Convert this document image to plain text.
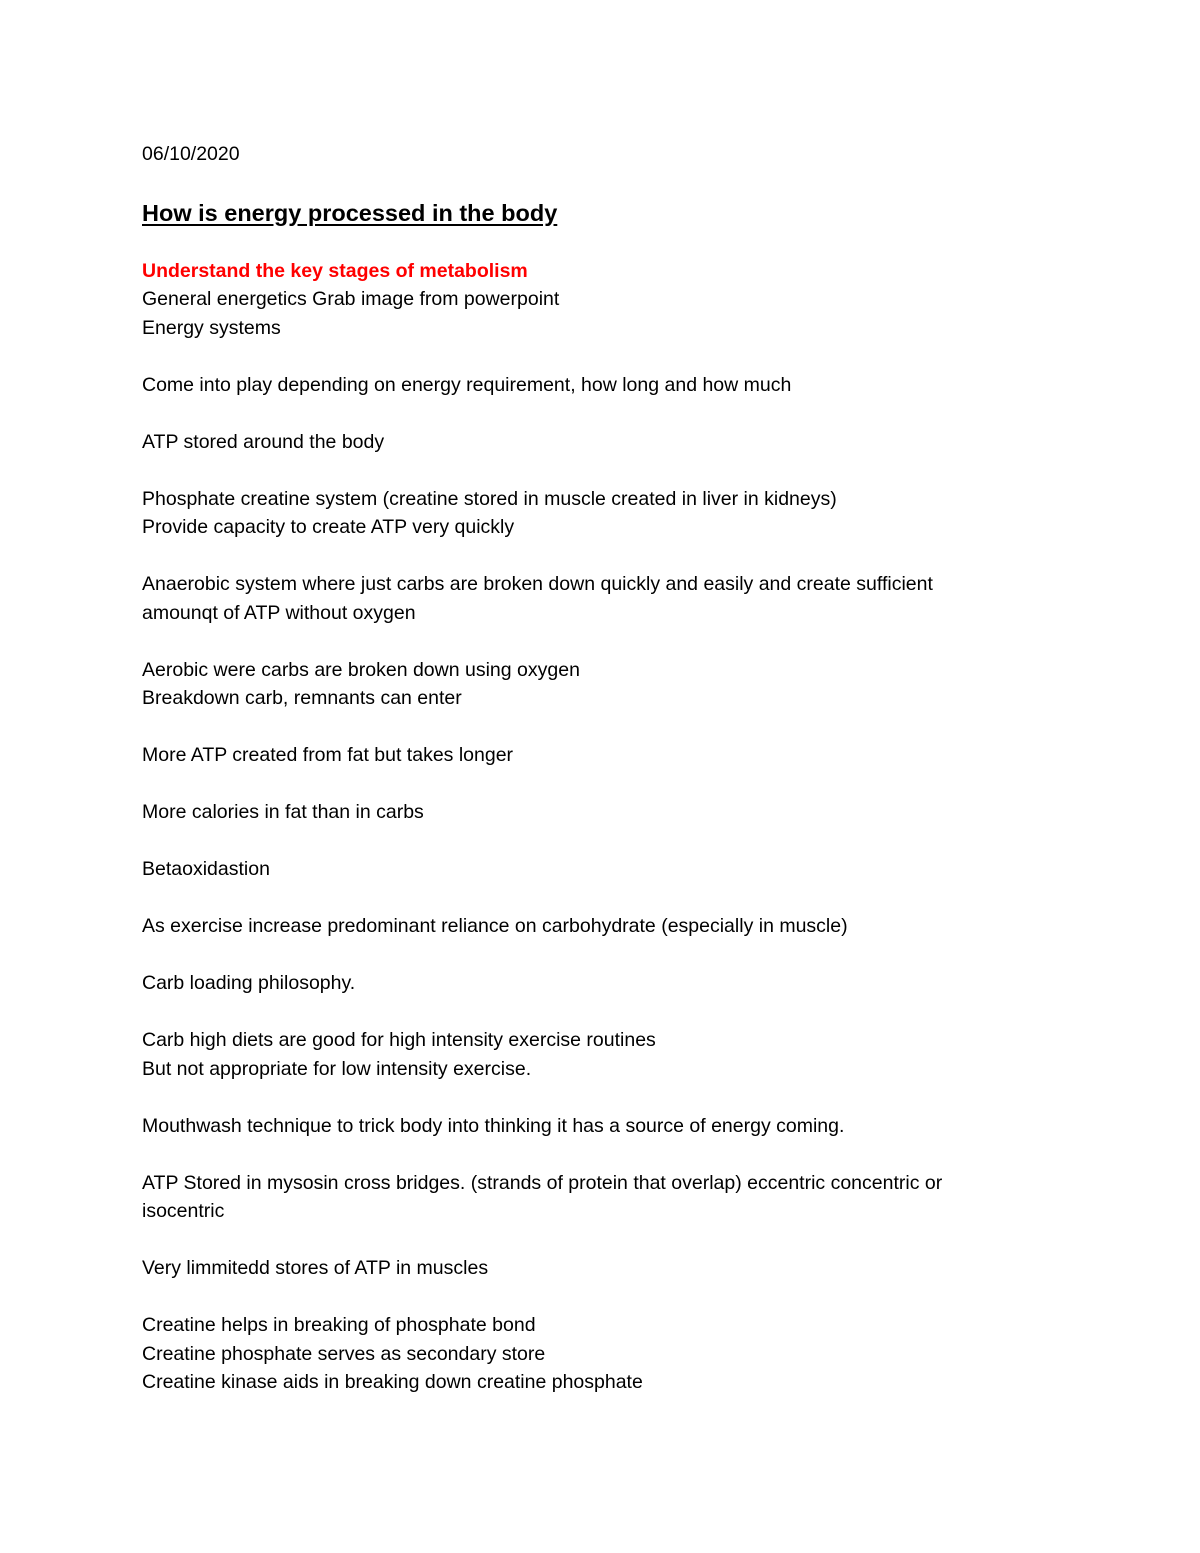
06/10/2020

How is energy processed in the body

Understand the key stages of metabolism

General energetics Grab image from powerpoint

Energy systems

Come into play depending on energy requirement, how long and how much

ATP stored around the body

Phosphate creatine system (creatine stored in muscle created in liver in kidneys)

Provide capacity to create ATP very quickly

Anaerobic system where just carbs are broken down quickly and easily and create sufficient

amounqt of ATP without oxygen

Aerobic were carbs are broken down using oxygen

Breakdown carb, remnants can enter

More ATP created from fat but takes longer

More calories in fat than in carbs

Betaoxidastion

As exercise increase predominant reliance on carbohydrate (especially in muscle)

Carb loading philosophy.

Carb high diets are good for high intensity exercise routines

But not appropriate for low intensity exercise.

Mouthwash technique to trick body into thinking it has a source of energy coming.

ATP Stored in mysosin cross bridges. (strands of protein that overlap) eccentric concentric or

isocentric

Very limmitedd stores of ATP in muscles

Creatine helps in breaking of phosphate bond

Creatine phosphate serves as secondary store

Creatine kinase aids in breaking down creatine phosphate
